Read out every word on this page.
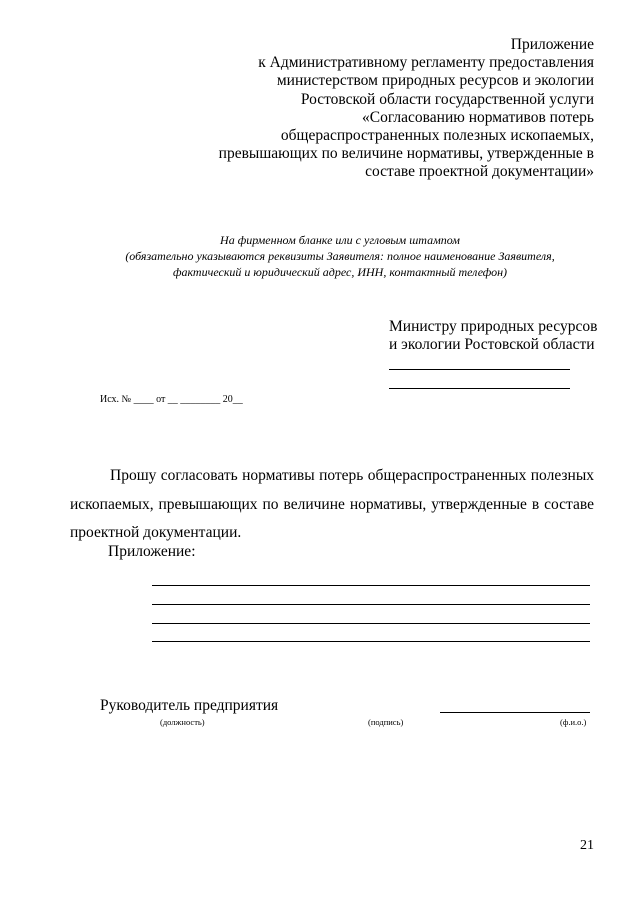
Приложение
к Административному регламенту предоставления
министерством природных ресурсов и экологии
Ростовской области государственной услуги
«Согласованию нормативов потерь
общераспространенных полезных ископаемых,
превышающих по величине нормативы, утвержденные в
составе проектной документации»
На фирменном бланке или с угловым штампом
(обязательно указываются реквизиты Заявителя: полное наименование Заявителя,
фактический и юридический адрес, ИНН, контактный телефон)
Министру природных ресурсов
и экологии Ростовской области
Исх. № ____ от __ ________ 20__

Прошу согласовать нормативы потерь общераспространенных полезных ископаемых, превышающих по величине нормативы, утвержденные в составе проектной документации.

Приложение:
Руководитель предприятия
(должность)	(подпись)	(ф.и.о.)
21
